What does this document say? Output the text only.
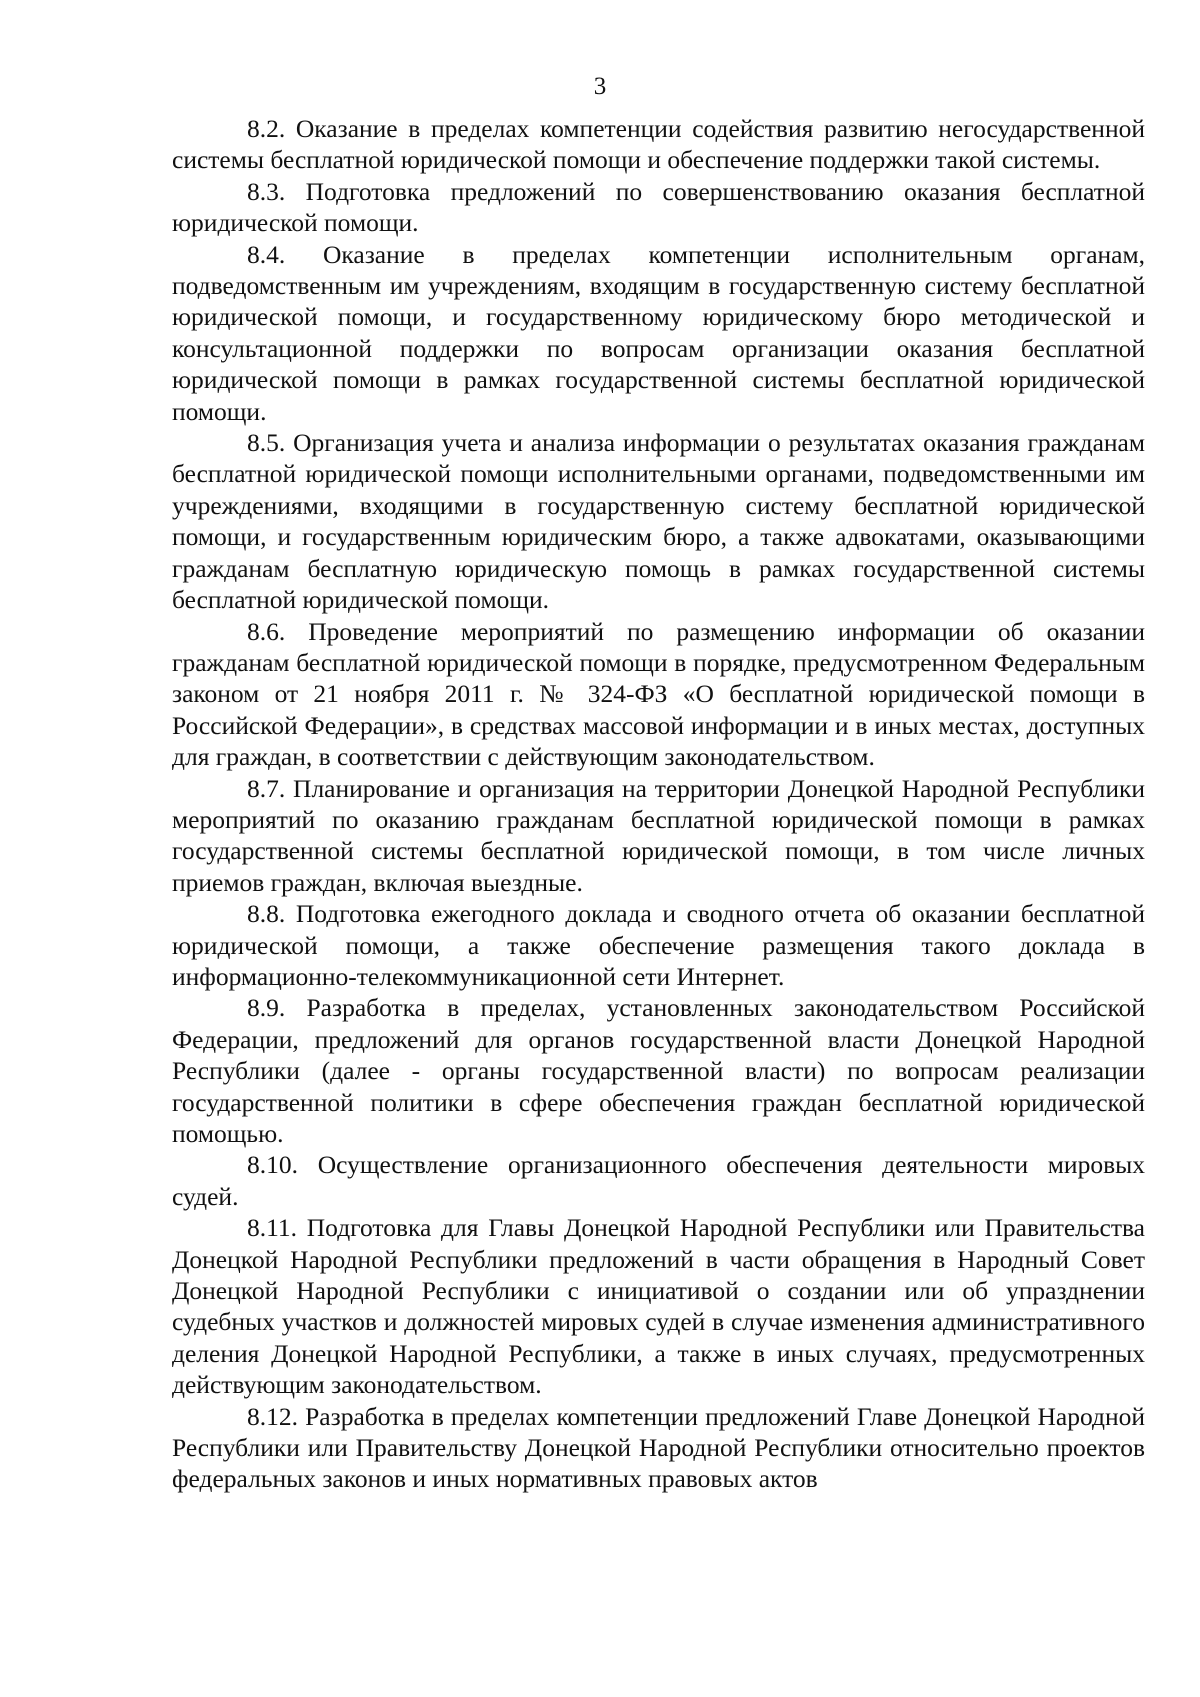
3

8.2. Оказание в пределах компетенции содействия развитию негосударственной системы бесплатной юридической помощи и обеспечение поддержки такой системы.

8.3. Подготовка предложений по совершенствованию оказания бесплатной юридической помощи.

8.4. Оказание в пределах компетенции исполнительным органам, подведомственным им учреждениям, входящим в государственную систему бесплатной юридической помощи, и государственному юридическому бюро методической и консультационной поддержки по вопросам организации оказания бесплатной юридической помощи в рамках государственной системы бесплатной юридической помощи.

8.5. Организация учета и анализа информации о результатах оказания гражданам бесплатной юридической помощи исполнительными органами, подведомственными им учреждениями, входящими в государственную систему бесплатной юридической помощи, и государственным юридическим бюро, а также адвокатами, оказывающими гражданам бесплатную юридическую помощь в рамках государственной системы бесплатной юридической помощи.

8.6. Проведение мероприятий по размещению информации об оказании гражданам бесплатной юридической помощи в порядке, предусмотренном Федеральным законом от 21 ноября 2011 г. № 324-ФЗ «О бесплатной юридической помощи в Российской Федерации», в средствах массовой информации и в иных местах, доступных для граждан, в соответствии с действующим законодательством.

8.7. Планирование и организация на территории Донецкой Народной Республики мероприятий по оказанию гражданам бесплатной юридической помощи в рамках государственной системы бесплатной юридической помощи, в том числе личных приемов граждан, включая выездные.

8.8. Подготовка ежегодного доклада и сводного отчета об оказании бесплатной юридической помощи, а также обеспечение размещения такого доклада в информационно-телекоммуникационной сети Интернет.

8.9. Разработка в пределах, установленных законодательством Российской Федерации, предложений для органов государственной власти Донецкой Народной Республики (далее - органы государственной власти) по вопросам реализации государственной политики в сфере обеспечения граждан бесплатной юридической помощью.

8.10. Осуществление организационного обеспечения деятельности мировых судей.

8.11. Подготовка для Главы Донецкой Народной Республики или Правительства Донецкой Народной Республики предложений в части обращения в Народный Совет Донецкой Народной Республики с инициативой о создании или об упразднении судебных участков и должностей мировых судей в случае изменения административного деления Донецкой Народной Республики, а также в иных случаях, предусмотренных действующим законодательством.

8.12. Разработка в пределах компетенции предложений Главе Донецкой Народной Республики или Правительству Донецкой Народной Республики относительно проектов федеральных законов и иных нормативных правовых актов
